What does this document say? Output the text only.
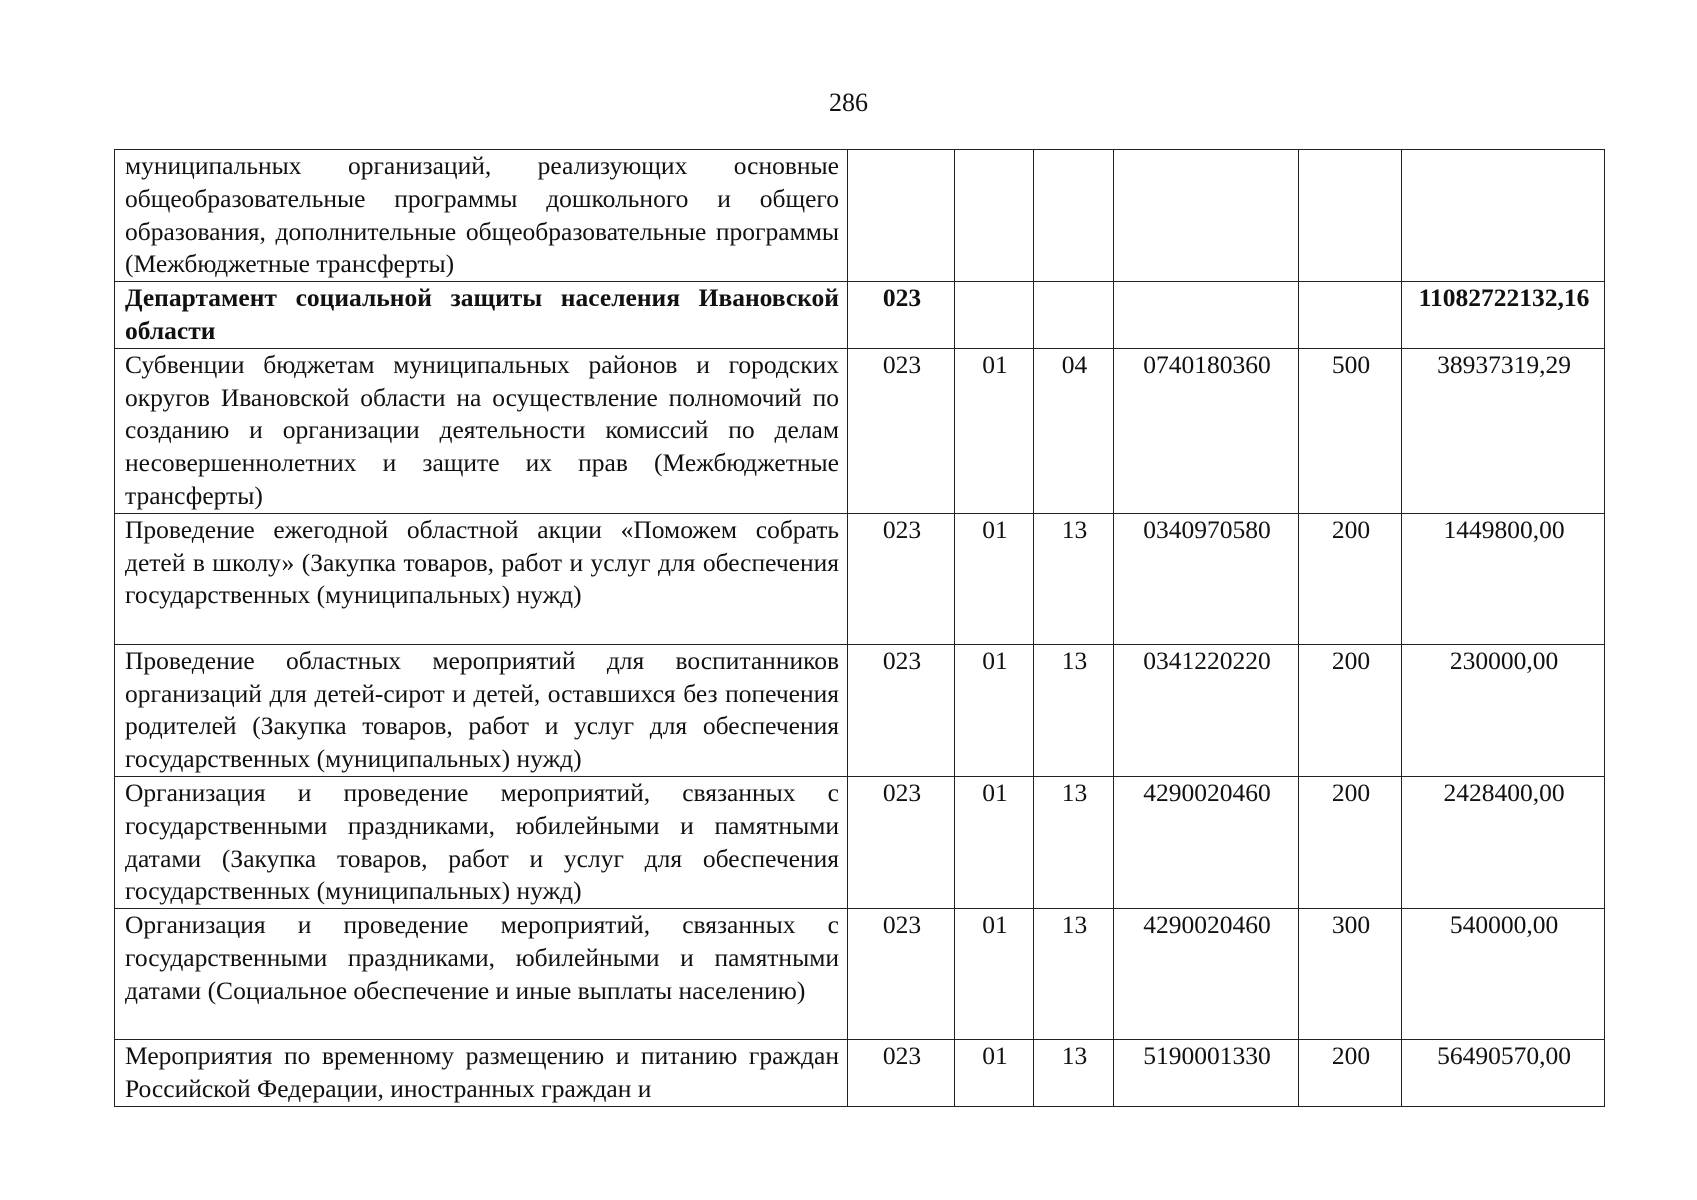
286
муниципальных организаций, реализующих основные общеобразовательные программы дошкольного и общего образования, дополнительные общеобразовательные программы (Межбюджетные трансферты)						
Департамент социальной защиты населения Ивановской области	023					11082722132,16
Субвенции бюджетам муниципальных районов и городских округов Ивановской области на осуществление полномочий по созданию и организации деятельности комиссий по делам несовершеннолетних и защите их прав (Межбюджетные трансферты)	023	01	04	0740180360	500	38937319,29
Проведение ежегодной областной акции «Поможем собрать детей в школу» (Закупка товаров, работ и услуг для обеспечения государственных (муниципальных) нужд)	023	01	13	0340970580	200	1449800,00
Проведение областных мероприятий для воспитанников организаций для детей-сирот и детей, оставшихся без попечения родителей (Закупка товаров, работ и услуг для обеспечения государственных (муниципальных) нужд)	023	01	13	0341220220	200	230000,00
Организация и проведение мероприятий, связанных с государственными праздниками, юбилейными и памятными датами (Закупка товаров, работ и услуг для обеспечения государственных (муниципальных) нужд)	023	01	13	4290020460	200	2428400,00
Организация и проведение мероприятий, связанных с государственными праздниками, юбилейными и памятными датами (Социальное обеспечение и иные выплаты населению)	023	01	13	4290020460	300	540000,00
Мероприятия по временному размещению и питанию граждан Российской Федерации, иностранных граждан и	023	01	13	5190001330	200	56490570,00
